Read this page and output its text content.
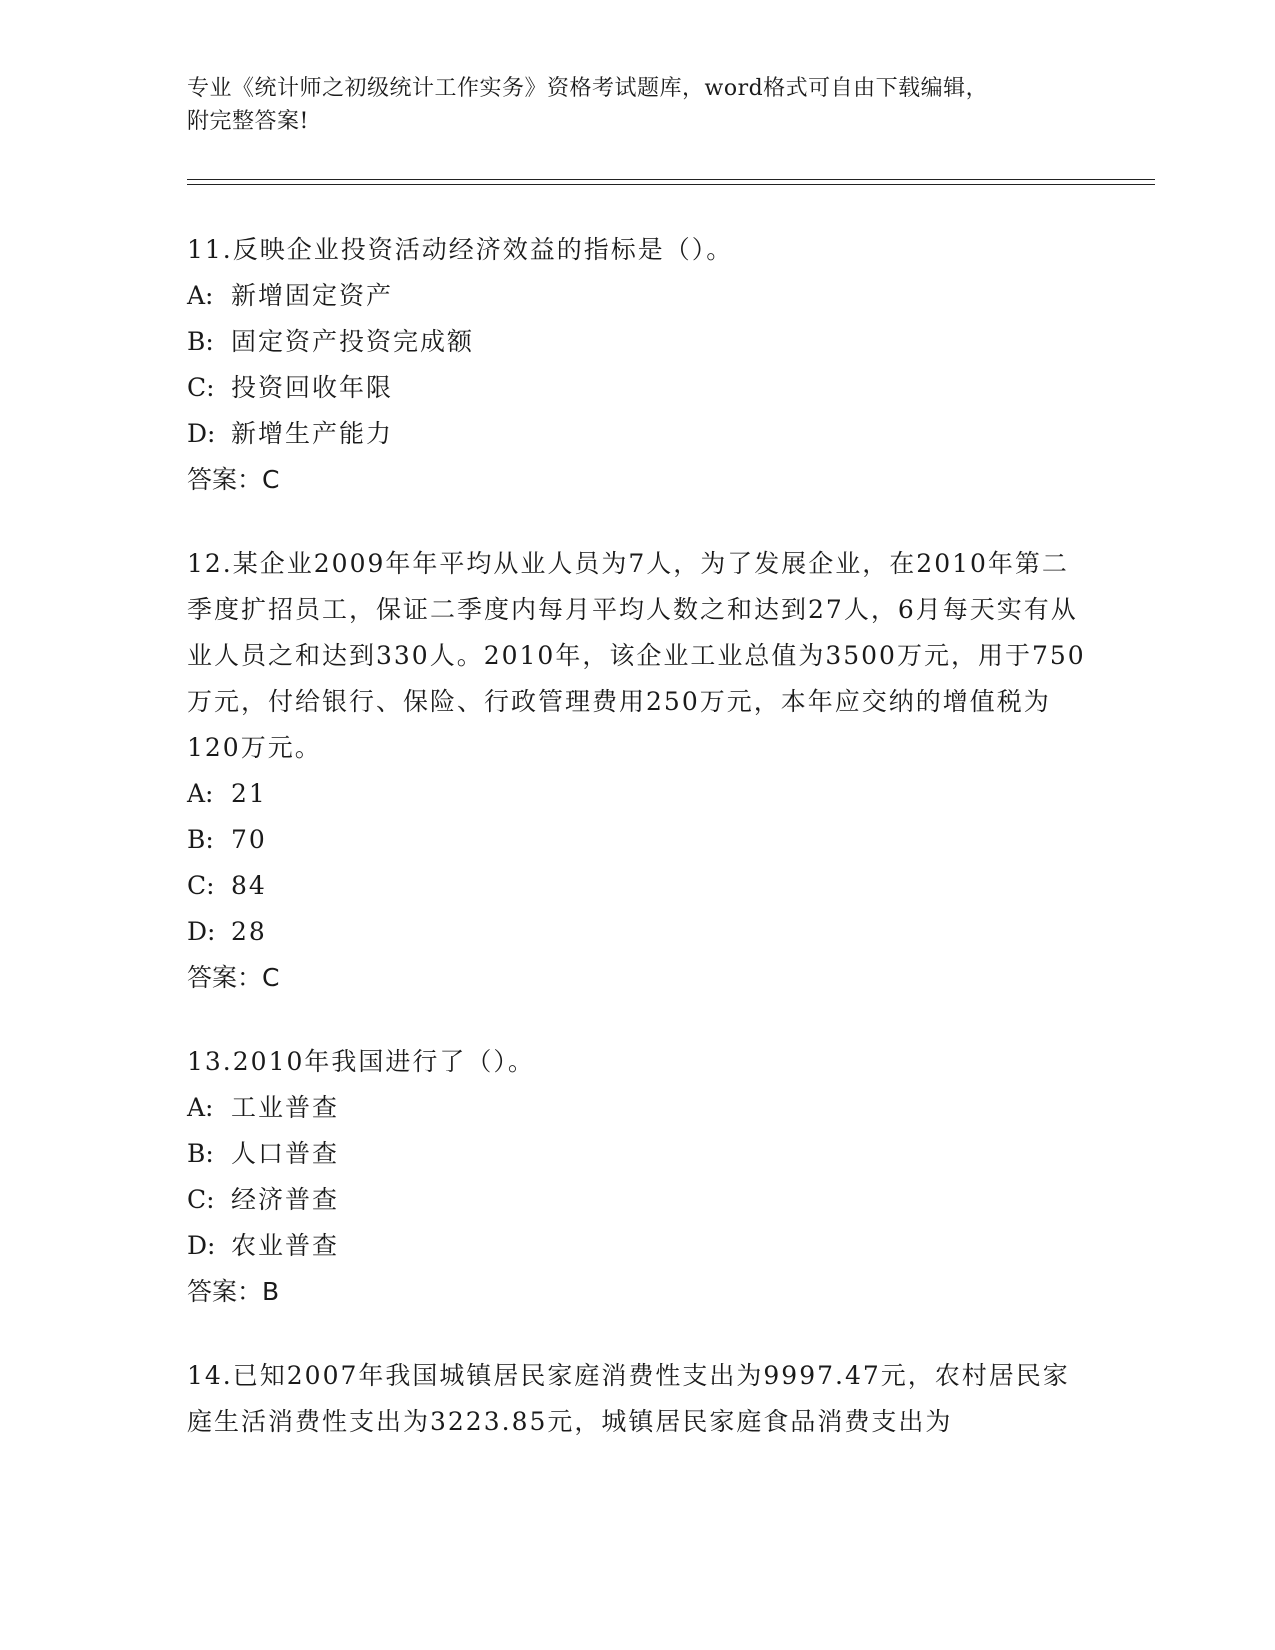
专业《统计师之初级统计工作实务》资格考试题库，word格式可自由下载编辑，
附完整答案!
11.反映企业投资活动经济效益的指标是（）。
A: 新增固定资产
B: 固定资产投资完成额
C: 投资回收年限
D: 新增生产能力
答案：C
12.某企业2009年年平均从业人员为7人，为了发展企业，在2010年第二季度扩招员工，保证二季度内每月平均人数之和达到27人，6月每天实有从业人员之和达到330人。2010年，该企业工业总值为3500万元，用于750万元，付给银行、保险、行政管理费用250万元，本年应交纳的增值税为120万元。
A: 21
B: 70
C: 84
D: 28
答案：C
13.2010年我国进行了（）。
A: 工业普查
B: 人口普查
C: 经济普查
D: 农业普查
答案：B
14.已知2007年我国城镇居民家庭消费性支出为9997.47元，农村居民家庭生活消费性支出为3223.85元，城镇居民家庭食品消费支出为
